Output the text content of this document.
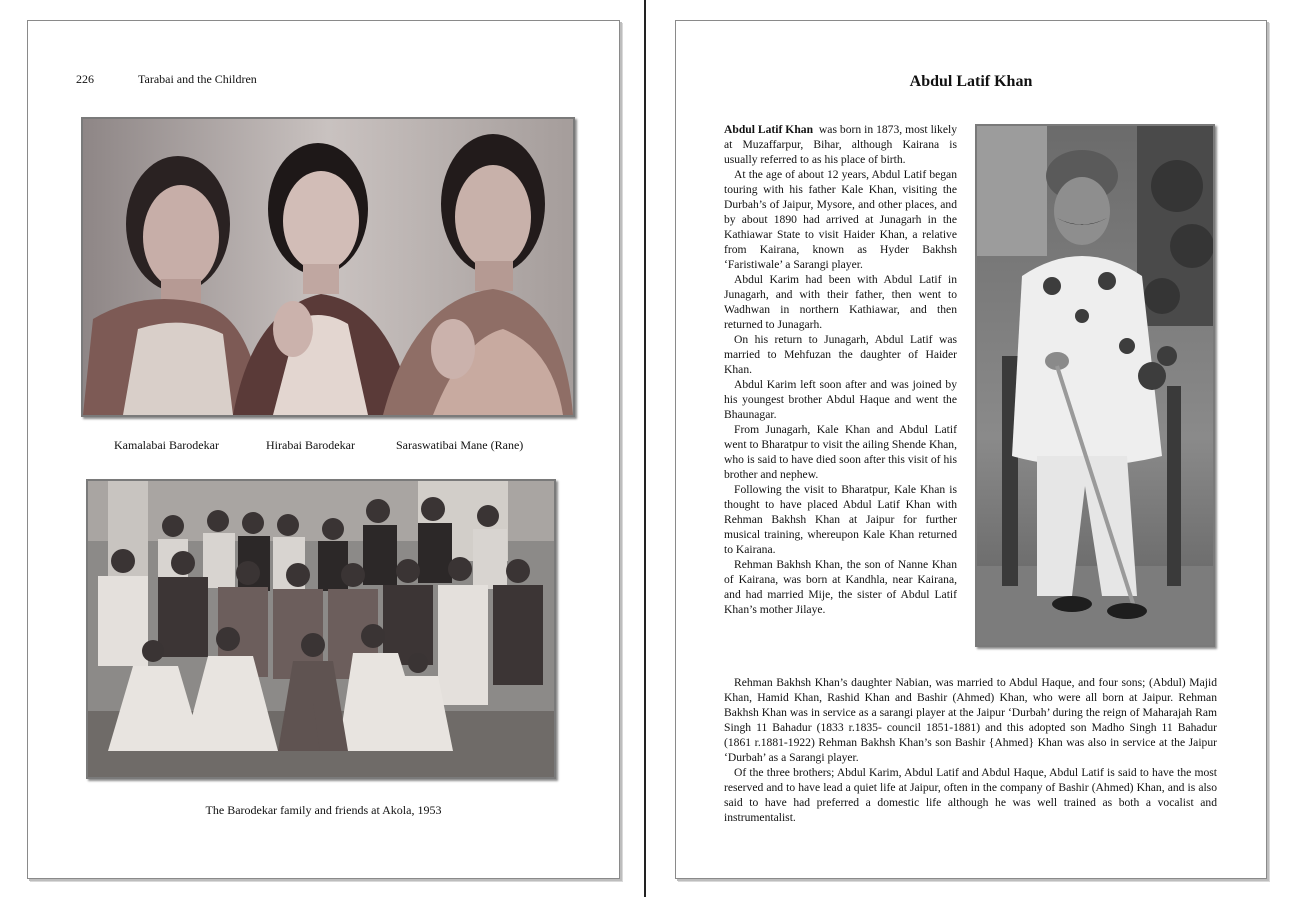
226	Tarabai and the Children
Kamalabai Barodekar	Hirabai Barodekar	Saraswatibai Mane (Rane)
The Barodekar family and friends at Akola, 1953
Abdul Latif Khan

Abdul Latif Khan was born in 1873, most likely at Muzaffarpur, Bihar, although Kairana is usually referred to as his place of birth.

At the age of about 12 years, Abdul Latif began touring with his father Kale Khan, visiting the Durbah’s of Jaipur, Mysore, and other places, and by about 1890 had arrived at Junagarh in the Kathiawar State to visit Haider Khan, a relative from Kairana, known as Hyder Bakhsh ‘Faristiwale’ a Sarangi player.

Abdul Karim had been with Abdul Latif in Junagarh, and with their father, then went to Wadhwan in northern Kathiawar, and then returned to Junagarh.

On his return to Junagarh, Abdul Latif was married to Mehfuzan the daughter of Haider Khan.

Abdul Karim left soon after and was joined by his youngest brother Abdul Haque and went the Bhaunagar.

From Junagarh, Kale Khan and Abdul Latif went to Bharatpur to visit the ailing Shende Khan, who is said to have died soon after this visit of his brother and nephew.

Following the visit to Bharatpur, Kale Khan is thought to have placed Abdul Latif Khan with Rehman Bakhsh Khan at Jaipur for further musical training, whereupon Kale Khan returned to Kairana.

Rehman Bakhsh Khan, the son of Nanne Khan of Kairana, was born at Kandhla, near Kairana, and had married Mije, the sister of Abdul Latif Khan’s mother Jilaye.

Rehman Bakhsh Khan’s daughter Nabian, was married to Abdul Haque, and four sons; (Abdul) Majid Khan, Hamid Khan, Rashid Khan and Bashir (Ahmed) Khan, who were all born at Jaipur. Rehman Bakhsh Khan was in service as a sarangi player at the Jaipur ‘Durbah’ during the reign of Maharajah Ram Singh 11 Bahadur (1833 r.1835- council 1851-1881) and this adopted son Madho Singh 11 Bahadur (1861 r.1881-1922) Rehman Bakhsh Khan’s son Bashir {Ahmed} Khan was also in service at the Jaipur ‘Durbah’ as a Sarangi player.

Of the three brothers; Abdul Karim, Abdul Latif and Abdul Haque, Abdul Latif is said to have the most reserved and to have lead a quiet life at Jaipur, often in the company of Bashir (Ahmed) Khan, and is also said to have had preferred a domestic life although he was well trained as both a vocalist and instrumentalist.
